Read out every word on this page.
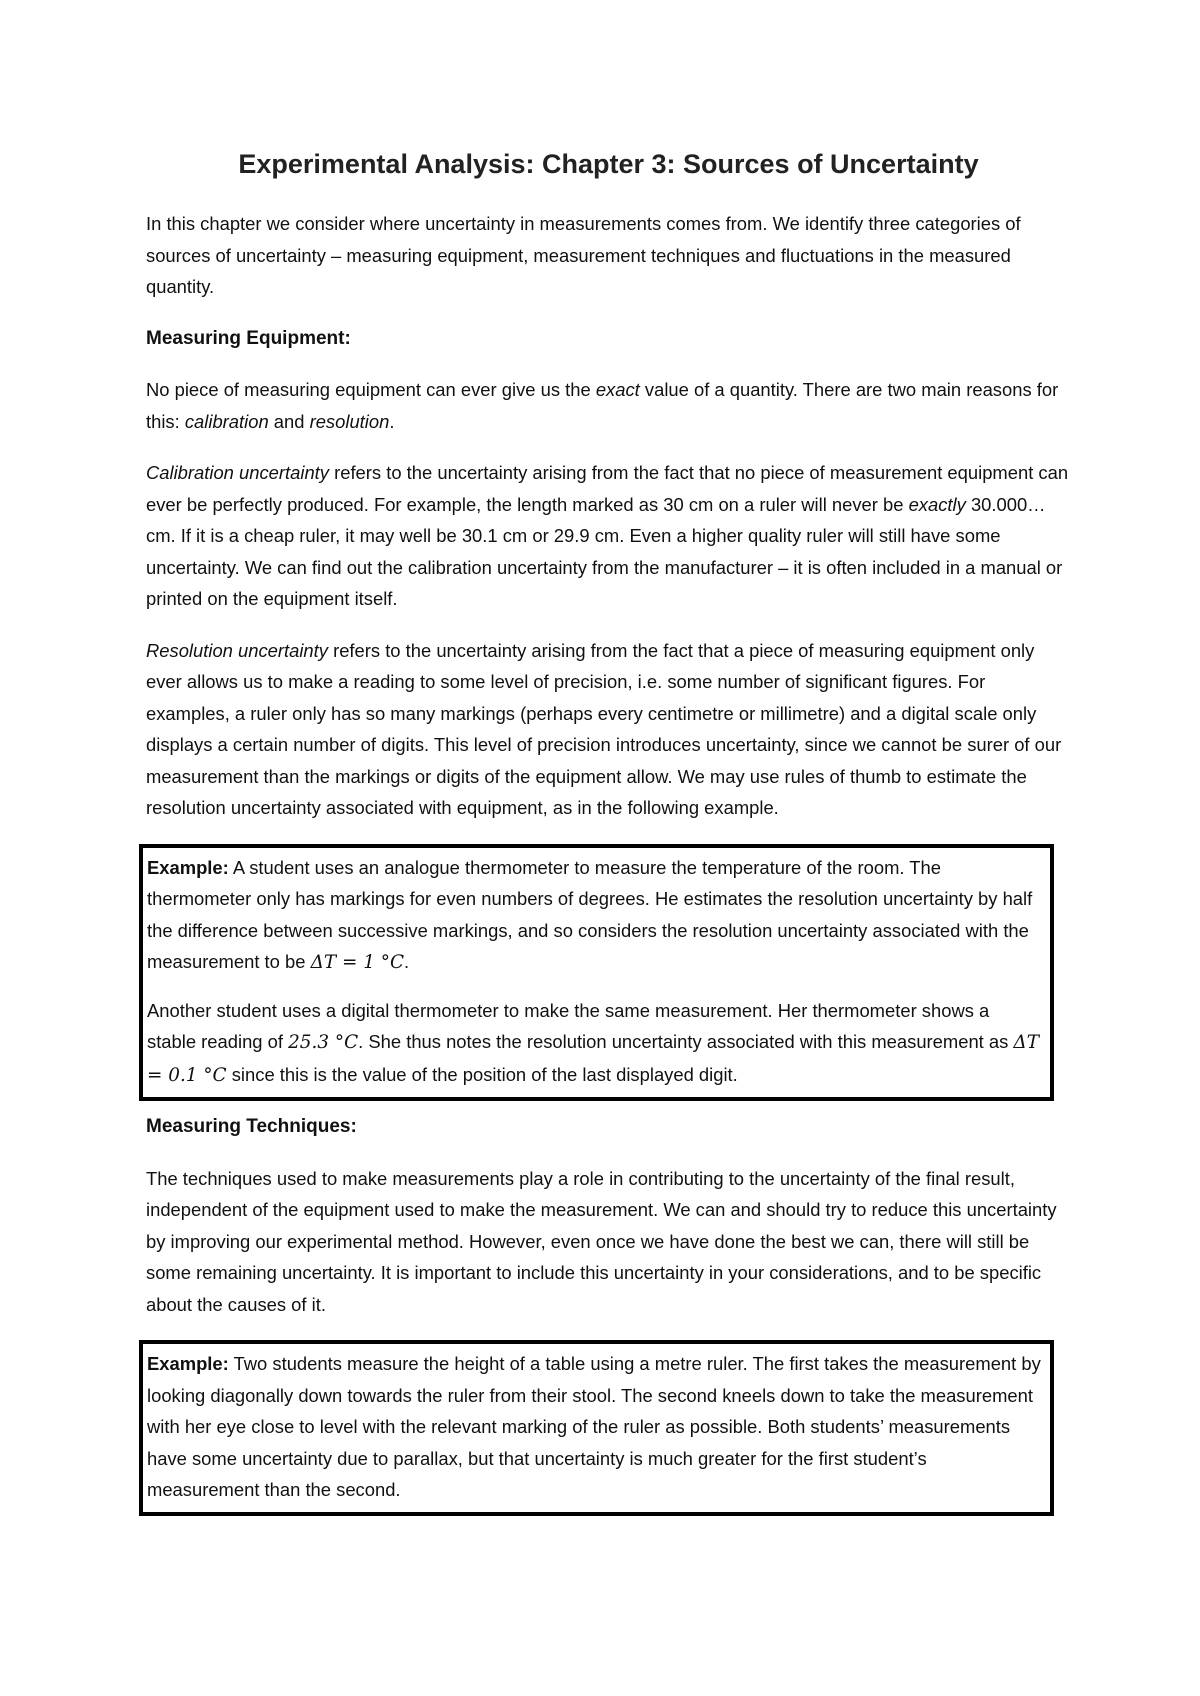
Experimental Analysis: Chapter 3: Sources of Uncertainty

In this chapter we consider where uncertainty in measurements comes from. We identify three categories of sources of uncertainty – measuring equipment, measurement techniques and fluctuations in the measured quantity.

Measuring Equipment:

No piece of measuring equipment can ever give us the exact value of a quantity. There are two main reasons for this: calibration and resolution.

Calibration uncertainty refers to the uncertainty arising from the fact that no piece of measurement equipment can ever be perfectly produced. For example, the length marked as 30 cm on a ruler will never be exactly 30.000… cm. If it is a cheap ruler, it may well be 30.1 cm or 29.9 cm. Even a higher quality ruler will still have some uncertainty. We can find out the calibration uncertainty from the manufacturer – it is often included in a manual or printed on the equipment itself.

Resolution uncertainty refers to the uncertainty arising from the fact that a piece of measuring equipment only ever allows us to make a reading to some level of precision, i.e. some number of significant figures. For examples, a ruler only has so many markings (perhaps every centimetre or millimetre) and a digital scale only displays a certain number of digits. This level of precision introduces uncertainty, since we cannot be surer of our measurement than the markings or digits of the equipment allow. We may use rules of thumb to estimate the resolution uncertainty associated with equipment, as in the following example.

Example: A student uses an analogue thermometer to measure the temperature of the room. The thermometer only has markings for even numbers of degrees. He estimates the resolution uncertainty by half the difference between successive markings, and so considers the resolution uncertainty associated with the measurement to be ΔT = 1 °C.

Another student uses a digital thermometer to make the same measurement. Her thermometer shows a stable reading of 25.3 °C. She thus notes the resolution uncertainty associated with this measurement as ΔT = 0.1 °C since this is the value of the position of the last displayed digit.

Measuring Techniques:

The techniques used to make measurements play a role in contributing to the uncertainty of the final result, independent of the equipment used to make the measurement. We can and should try to reduce this uncertainty by improving our experimental method. However, even once we have done the best we can, there will still be some remaining uncertainty. It is important to include this uncertainty in your considerations, and to be specific about the causes of it.

Example: Two students measure the height of a table using a metre ruler. The first takes the measurement by looking diagonally down towards the ruler from their stool. The second kneels down to take the measurement with her eye close to level with the relevant marking of the ruler as possible. Both students’ measurements have some uncertainty due to parallax, but that uncertainty is much greater for the first student’s measurement than the second.
